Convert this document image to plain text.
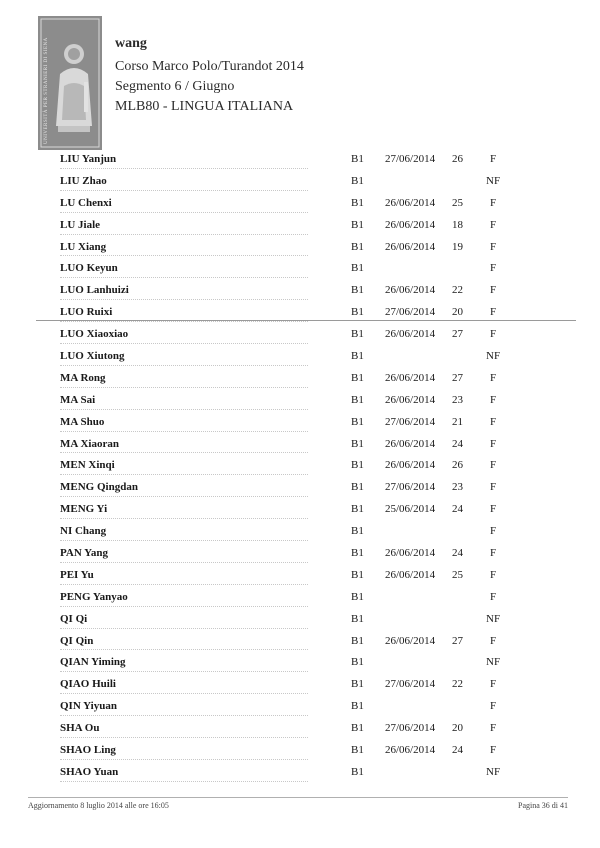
UNIVERSITÀ PER STRANIERI DI SIENA	wang
Corso Marco Polo/Turandot 2014
Segmento 6 / Giugno
MLB80 - LINGUA ITALIANA
LIU Yanjun	B1 27/06/2014 26	F
LIU Zhao	B1	NF
LU Chenxi	B1 26/06/2014 25	F
LU Jiale	B1 26/06/2014 18	F
LU Xiang	B1 26/06/2014 19	F
LUO Keyun	B1	F
LUO Lanhuizi	B1 26/06/2014 22	F
LUO Ruixi	B1 27/06/2014 20	F
LUO Xiaoxiao	B1 26/06/2014 27	F
LUO Xiutong	B1	NF
MA Rong	B1 26/06/2014 27	F
MA Sai	B1 26/06/2014 23	F
MA Shuo	B1 27/06/2014 21	F
MA Xiaoran	B1 26/06/2014 24	F
MEN Xinqi	B1 26/06/2014 26	F
MENG Qingdan	B1 27/06/2014 23	F
MENG Yi	B1 25/06/2014 24	F
NI Chang	B1	F
PAN Yang	B1 26/06/2014 24	F
PEI Yu	B1 26/06/2014 25	F
PENG Yanyao	B1	F
QI Qi	B1	NF
QI Qin	B1 26/06/2014 27	F
QIAN Yiming	B1	NF
QIAO Huili	B1 27/06/2014 22	F
QIN Yiyuan	B1	F
SHA Ou	B1 27/06/2014 20	F
SHAO Ling	B1 26/06/2014 24	F
SHAO Yuan	B1	NF
Aggiornamento 8 luglio 2014 alle ore 16:05	Pagina 36 di 41
